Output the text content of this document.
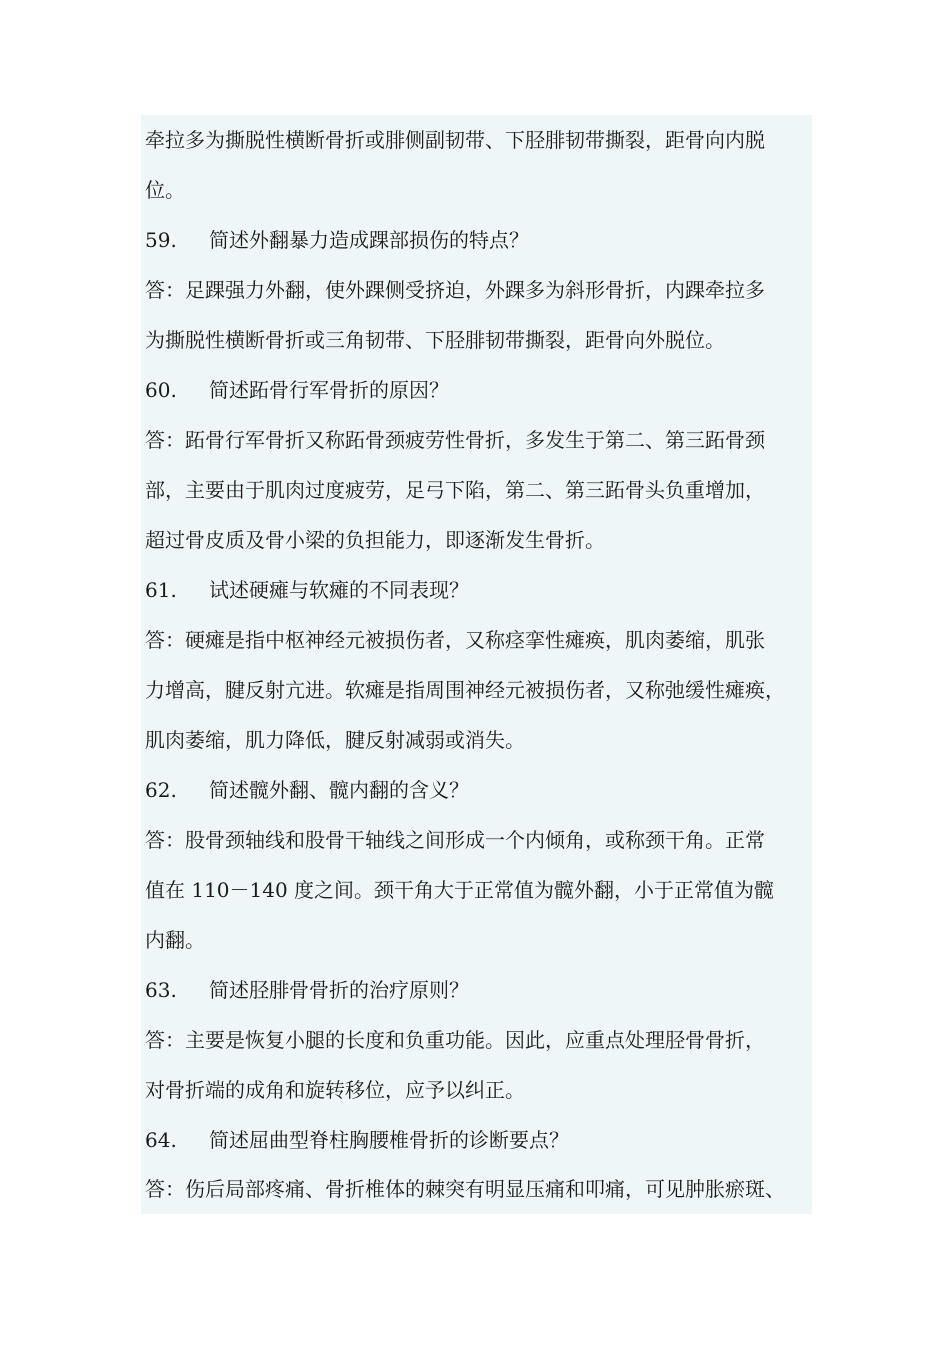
牵拉多为撕脱性横断骨折或腓侧副韧带、下胫腓韧带撕裂，距骨向内脱
位。
59. 简述外翻暴力造成踝部损伤的特点？
答：足踝强力外翻，使外踝侧受挤迫，外踝多为斜形骨折，内踝牵拉多
为撕脱性横断骨折或三角韧带、下胫腓韧带撕裂，距骨向外脱位。
60. 简述跖骨行军骨折的原因？
答：跖骨行军骨折又称跖骨颈疲劳性骨折，多发生于第二、第三跖骨颈
部，主要由于肌肉过度疲劳，足弓下陷，第二、第三跖骨头负重增加，
超过骨皮质及骨小梁的负担能力，即逐渐发生骨折。
61. 试述硬瘫与软瘫的不同表现？
答：硬瘫是指中枢神经元被损伤者，又称痉挛性瘫痪，肌肉萎缩，肌张
力增高，腱反射亢进。软瘫是指周围神经元被损伤者，又称弛缓性瘫痪，
肌肉萎缩，肌力降低，腱反射减弱或消失。
62. 简述髋外翻、髋内翻的含义？
答：股骨颈轴线和股骨干轴线之间形成一个内倾角，或称颈干角。正常
值在 110－140 度之间。颈干角大于正常值为髋外翻，小于正常值为髋
内翻。
63. 简述胫腓骨骨折的治疗原则？
答：主要是恢复小腿的长度和负重功能。因此，应重点处理胫骨骨折，
对骨折端的成角和旋转移位，应予以纠正。
64. 简述屈曲型脊柱胸腰椎骨折的诊断要点？
答：伤后局部疼痛、骨折椎体的棘突有明显压痛和叩痛，可见肿胀瘀斑、
